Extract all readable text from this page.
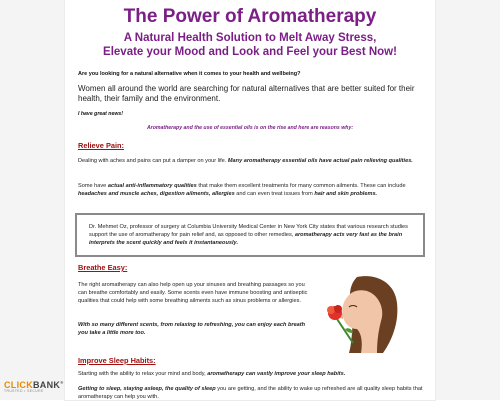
The Power of Aromatherapy
A Natural Health Solution to Melt Away Stress,
Elevate your Mood and Look and Feel your Best Now!
Are you looking for a natural alternative when it comes to your health and wellbeing?
Women all around the world are searching for natural alternatives that are better suited for their health, their family and the environment.
I have great news!
Aromatherapy and the use of essential oils is on the rise and here are reasons why:
Relieve Pain:
Dealing with aches and pains can put a damper on your life. Many aromatherapy essential oils have actual pain relieving qualities.
Some have actual anti-inflammatory qualities that make them excellent treatments for many common ailments. These can include headaches and muscle aches, digestion ailments, allergies and can even treat issues from hair and skin problems.

Dr. Mehmet Oz, professor of surgery at Columbia University Medical Center in New York City states that various research studies support the use of aromatherapy for pain relief and, as opposed to other remedies, aromatherapy acts very fast as the brain interprets the scent quickly and feels it instantaneously.

Breathe Easy:
The right aromatherapy can also help open up your sinuses and breathing passages so you can breathe comfortably and easily. Some scents even have immune boosting and antiseptic qualities that could help with some breathing ailments such as sinus problems or allergies.
With so many different scents, from relaxing to refreshing, you can enjoy each breath you take a little more too.
Improve Sleep Habits:
Starting with the ability to relax your mind and body, aromatherapy can vastly improve your sleep habits.
Getting to sleep, staying asleep, the quality of sleep you are getting, and the ability to wake up refreshed are all quality sleep habits that aromatherapy can help you with.
CLICKBANK®
TRUSTED • SECURE
